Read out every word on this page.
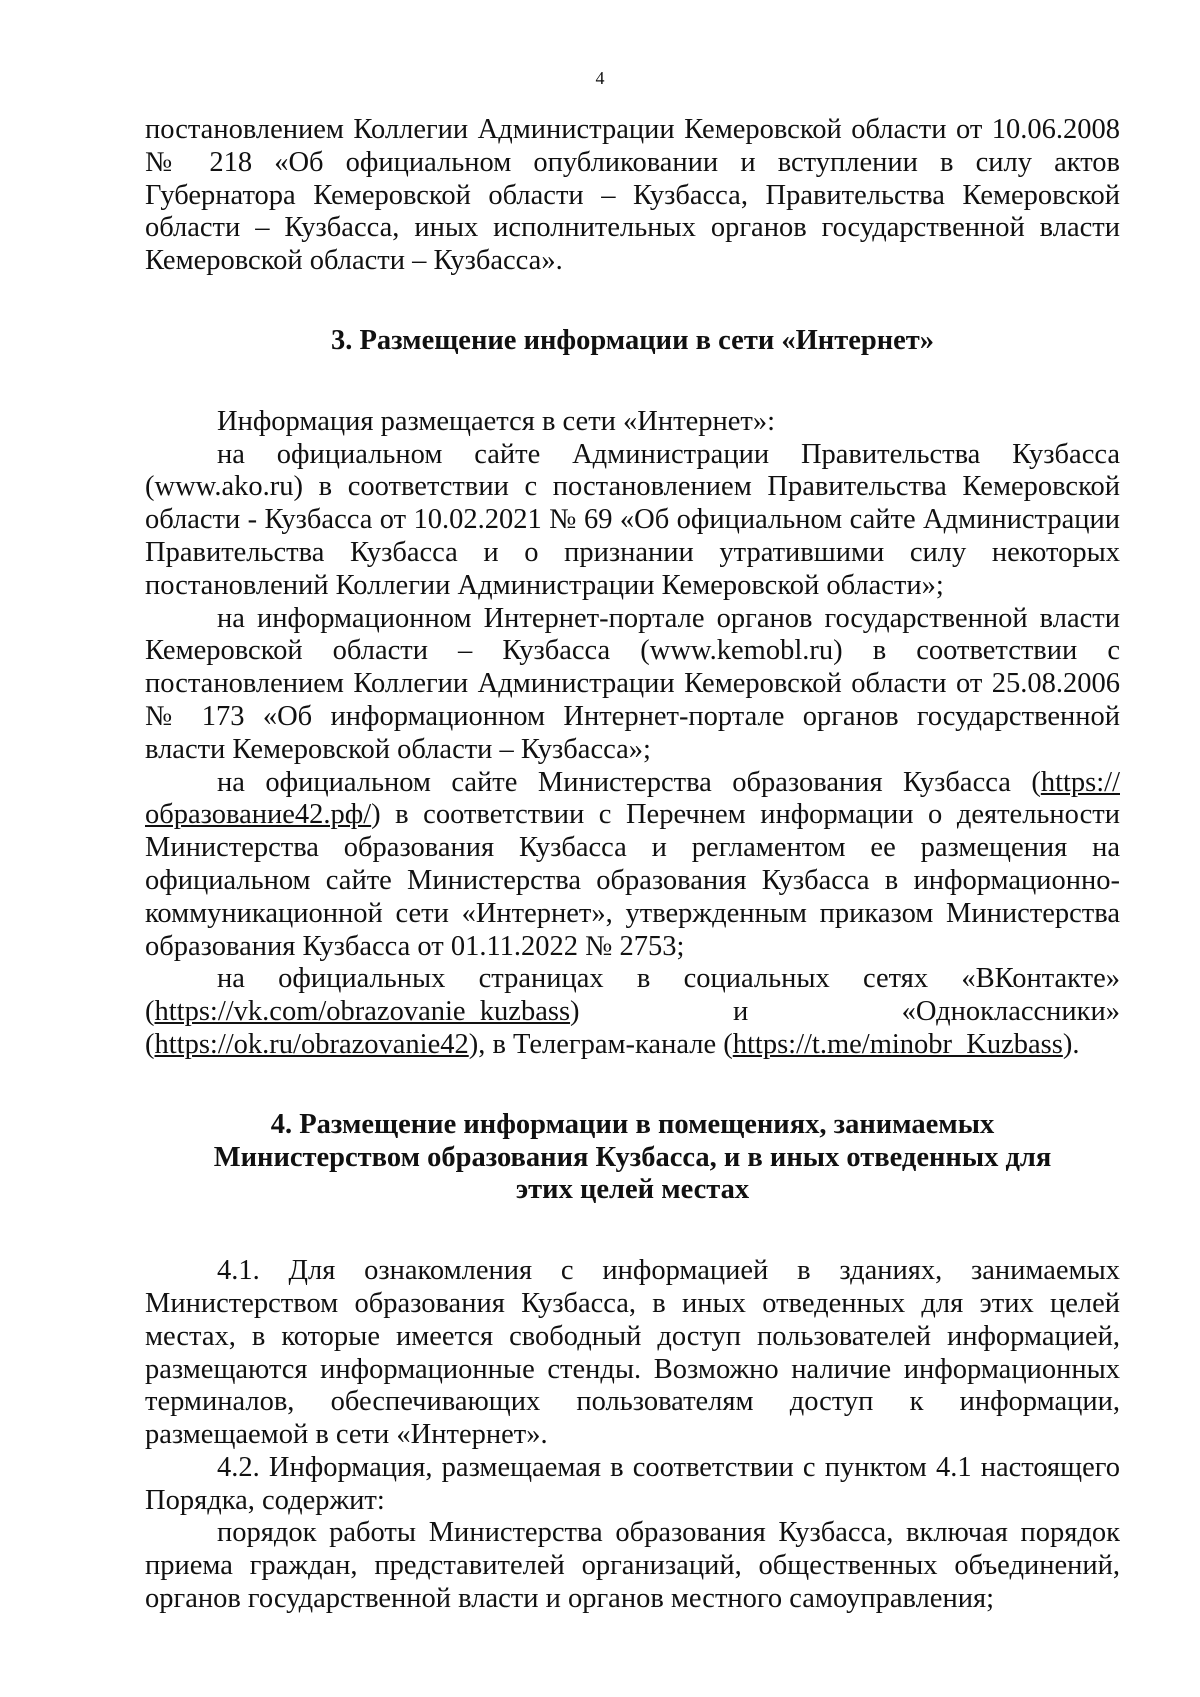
4

постановлением Коллегии Администрации Кемеровской области от 10.06.2008 № 218 «Об официальном опубликовании и вступлении в силу актов Губернатора Кемеровской области – Кузбасса, Правительства Кемеровской области – Кузбасса, иных исполнительных органов государственной власти Кемеровской области – Кузбасса».

3. Размещение информации в сети «Интернет»

Информация размещается в сети «Интернет»:

на официальном сайте Администрации Правительства Кузбасса (www.ako.ru) в соответствии с постановлением Правительства Кемеровской области - Кузбасса от 10.02.2021 № 69 «Об официальном сайте Администрации Правительства Кузбасса и о признании утратившими силу некоторых постановлений Коллегии Администрации Кемеровской области»;

на информационном Интернет-портале органов государственной власти Кемеровской области – Кузбасса (www.kemobl.ru) в соответствии с постановлением Коллегии Администрации Кемеровской области от 25.08.2006 № 173 «Об информационном Интернет-портале органов государственной власти Кемеровской области – Кузбасса»;

на официальном сайте Министерства образования Кузбасса (https://образование42.рф/) в соответствии с Перечнем информации о деятельности Министерства образования Кузбасса и регламентом ее размещения на официальном сайте Министерства образования Кузбасса в информационно-коммуникационной сети «Интернет», утвержденным приказом Министерства образования Кузбасса от 01.11.2022 № 2753;

на официальных страницах в социальных сетях «ВКонтакте» (https://vk.com/obrazovanie_kuzbass) и «Одноклассники» (https://ok.ru/obrazovanie42), в Телеграм-канале (https://t.me/minobr_Kuzbass).

4. Размещение информации в помещениях, занимаемых Министерством образования Кузбасса, и в иных отведенных для этих целей местах

4.1. Для ознакомления с информацией в зданиях, занимаемых Министерством образования Кузбасса, в иных отведенных для этих целей местах, в которые имеется свободный доступ пользователей информацией, размещаются информационные стенды. Возможно наличие информационных терминалов, обеспечивающих пользователям доступ к информации, размещаемой в сети «Интернет».

4.2. Информация, размещаемая в соответствии с пунктом 4.1 настоящего Порядка, содержит:

порядок работы Министерства образования Кузбасса, включая порядок приема граждан, представителей организаций, общественных объединений, органов государственной власти и органов местного самоуправления;
